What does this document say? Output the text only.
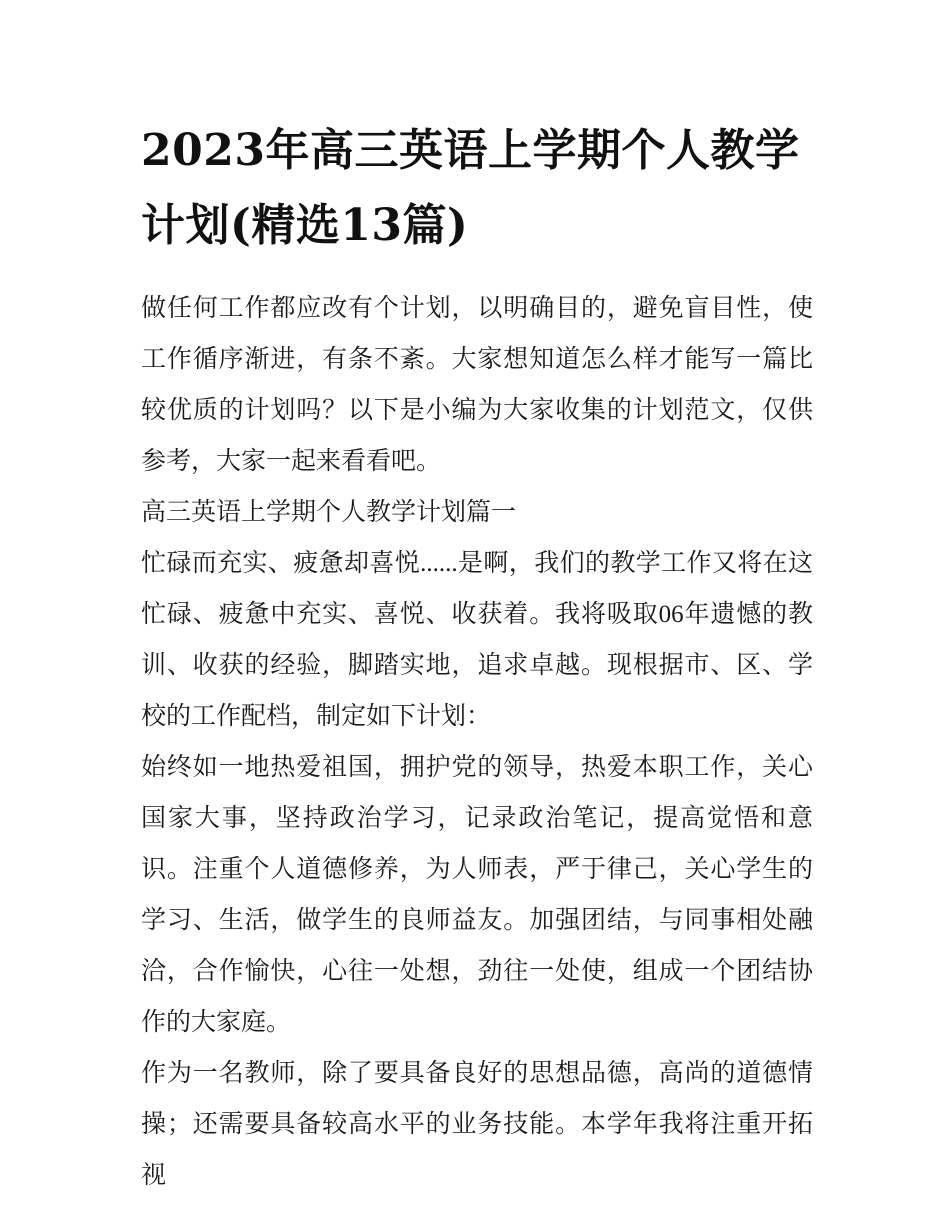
2023年高三英语上学期个人教学计划(精选13篇)

做任何工作都应改有个计划，以明确目的，避免盲目性，使工作循序渐进，有条不紊。大家想知道怎么样才能写一篇比较优质的计划吗？以下是小编为大家收集的计划范文，仅供参考，大家一起来看看吧。

高三英语上学期个人教学计划篇一

忙碌而充实、疲惫却喜悦......是啊，我们的教学工作又将在这忙碌、疲惫中充实、喜悦、收获着。我将吸取06年遗憾的教训、收获的经验，脚踏实地，追求卓越。现根据市、区、学校的工作配档，制定如下计划：

始终如一地热爱祖国，拥护党的领导，热爱本职工作，关心国家大事，坚持政治学习，记录政治笔记，提高觉悟和意识。注重个人道德修养，为人师表，严于律己，关心学生的学习、生活，做学生的良师益友。加强团结，与同事相处融洽，合作愉快，心往一处想，劲往一处使，组成一个团结协作的大家庭。

作为一名教师，除了要具备良好的思想品德，高尚的道德情操；还需要具备较高水平的业务技能。本学年我将注重开拓视
